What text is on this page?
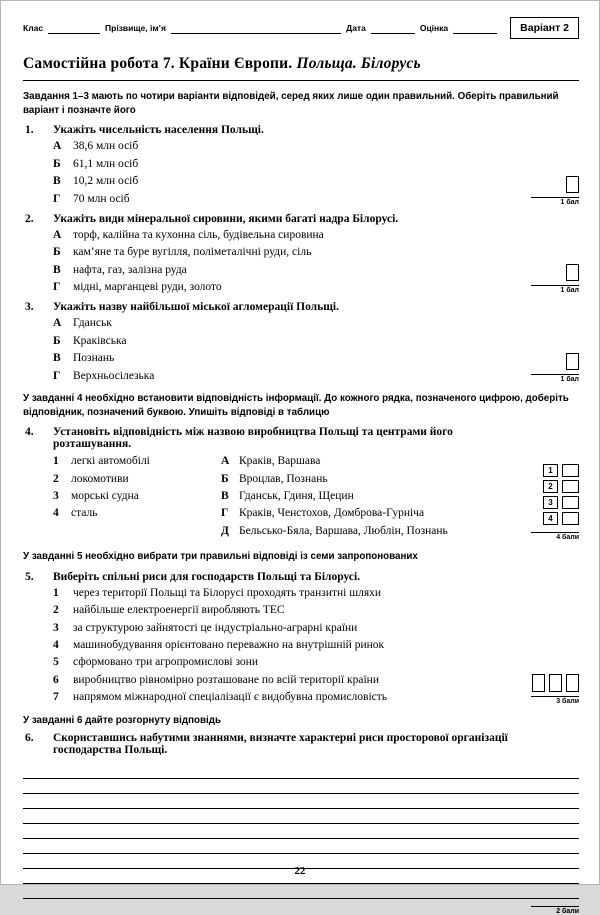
Клас	Прізвище, ім’я	Дата	Оцінка	Варіант 2
Самостійна робота 7. Країни Європи. Польща. Білорусь
Завдання 1–3 мають по чотири варіанти відповідей, серед яких лише один правильний. Оберіть правильний варіант і позначте його
1.	Укажіть чисельність населення Польщі.
А 38,6 млн осіб
Б 61,1 млн осіб
В 10,2 млн осіб
Г 70 млн осіб	1 бал
2.	Укажіть види мінеральної сировини, якими багаті надра Білорусі.
А торф, калійна та кухонна сіль, будівельна сировина
Б кам’яне та буре вугілля, поліметалічні руди, сіль
В нафта, газ, залізна руда
Г мідні, марганцеві руди, золото	1 бал
3.	Укажіть назву найбільшої міської агломерації Польщі.
А Гданськ
Б Краківська
В Познань
Г Верхньосілезька	1 бал
У завданні 4 необхідно встановити відповідність інформації. До кожного рядка, позначеного цифрою, доберіть відповідник, позначений буквою. Упишіть відповіді в таблицю
4.	Установіть відповідність між назвою виробництва Польщі та центрами його розташування.
1 легкі автомобілі
2 локомотиви
3 морські судна
4 сталь
А Краків, Варшава
Б Вроцлав, Познань
В Гданськ, Гдиня, Щецин
Г Краків, Ченстохов, Домброва-Гурніча
Д Бельсько-Бяла, Варшава, Люблін, Познань
1
2
3
4
4 бали
У завданні 5 необхідно вибрати три правильні відповіді із семи запропонованих
5.	Виберіть спільні риси для господарств Польщі та Білорусі.
1 через території Польщі та Білорусі проходять транзитні шляхи
2 найбільше електроенергії виробляють ТЕС
3 за структурою зайнятості це індустріально-аграрні країни
4 машинобудування орієнтовано переважно на внутрішній ринок
5 сформовано три агропромислові зони
6 виробництво рівномірно розташоване по всій території країни
7 напрямом міжнародної спеціалізації є видобувна промисловість	3 бали
У завданні 6 дайте розгорнуту відповідь
6.	Скориставшись набутими знаннями, визначте характерні риси просторової організації господарства Польщі.
2 бали
22
